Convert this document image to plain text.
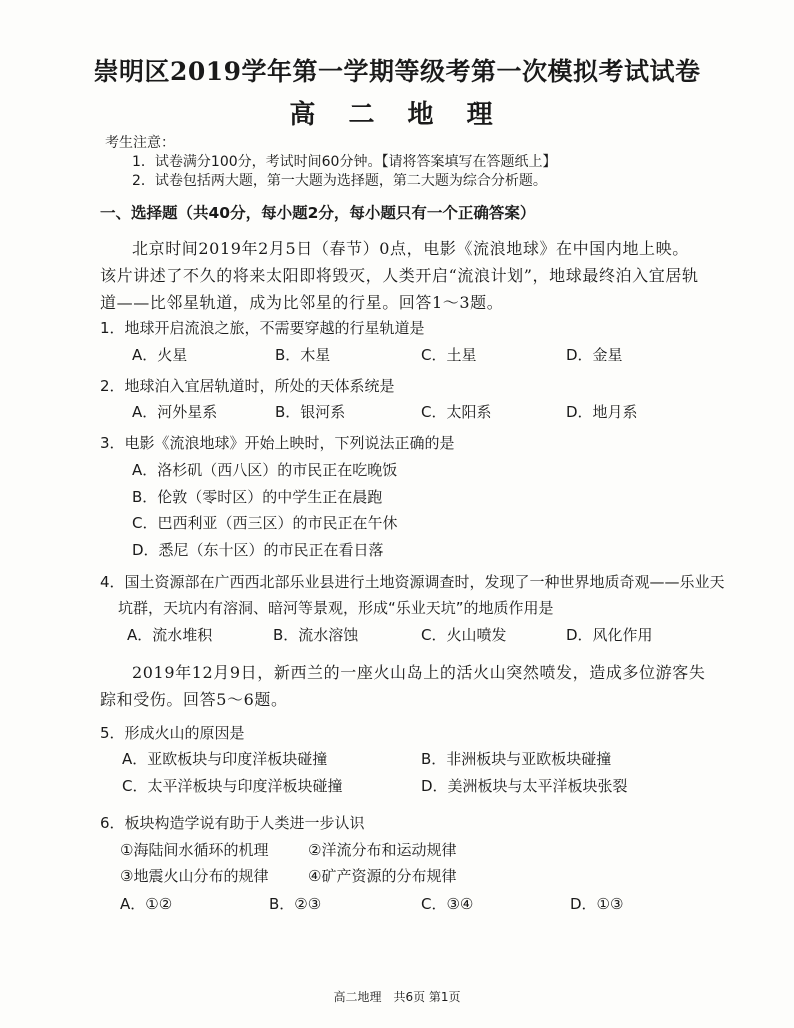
崇明区2019学年第一学期等级考第一次模拟考试试卷
高 二 地 理
考生注意：
1．试卷满分100分，考试时间60分钟。【请将答案填写在答题纸上】
2．试卷包括两大题，第一大题为选择题，第二大题为综合分析题。
一、选择题（共40分，每小题2分，每小题只有一个正确答案）
北京时间2019年2月5日（春节）0点，电影《流浪地球》在中国内地上映。
该片讲述了不久的将来太阳即将毁灭，人类开启“流浪计划”，地球最终泊入宜居轨
道——比邻星轨道，成为比邻星的行星。回答1～3题。
1．地球开启流浪之旅，不需要穿越的行星轨道是
A．火星	B．木星	C．土星	D．金星
2．地球泊入宜居轨道时，所处的天体系统是
A．河外星系	B．银河系	C．太阳系	D．地月系
3．电影《流浪地球》开始上映时，下列说法正确的是
A．洛杉矶（西八区）的市民正在吃晚饭
B．伦敦（零时区）的中学生正在晨跑
C．巴西利亚（西三区）的市民正在午休
D．悉尼（东十区）的市民正在看日落
4．国土资源部在广西西北部乐业县进行土地资源调查时，发现了一种世界地质奇观——乐业天
坑群，天坑内有溶洞、暗河等景观，形成“乐业天坑”的地质作用是
A．流水堆积	B．流水溶蚀	C．火山喷发	D．风化作用
2019年12月9日，新西兰的一座火山岛上的活火山突然喷发，造成多位游客失
踪和受伤。回答5～6题。
5．形成火山的原因是
A．亚欧板块与印度洋板块碰撞	B．非洲板块与亚欧板块碰撞
C．太平洋板块与印度洋板块碰撞	D．美洲板块与太平洋板块张裂
6．板块构造学说有助于人类进一步认识
①海陆间水循环的机理	②洋流分布和运动规律
③地震火山分布的规律	④矿产资源的分布规律
A．①②	B．②③	C．③④	D．①③
高二地理　共6页 第1页
